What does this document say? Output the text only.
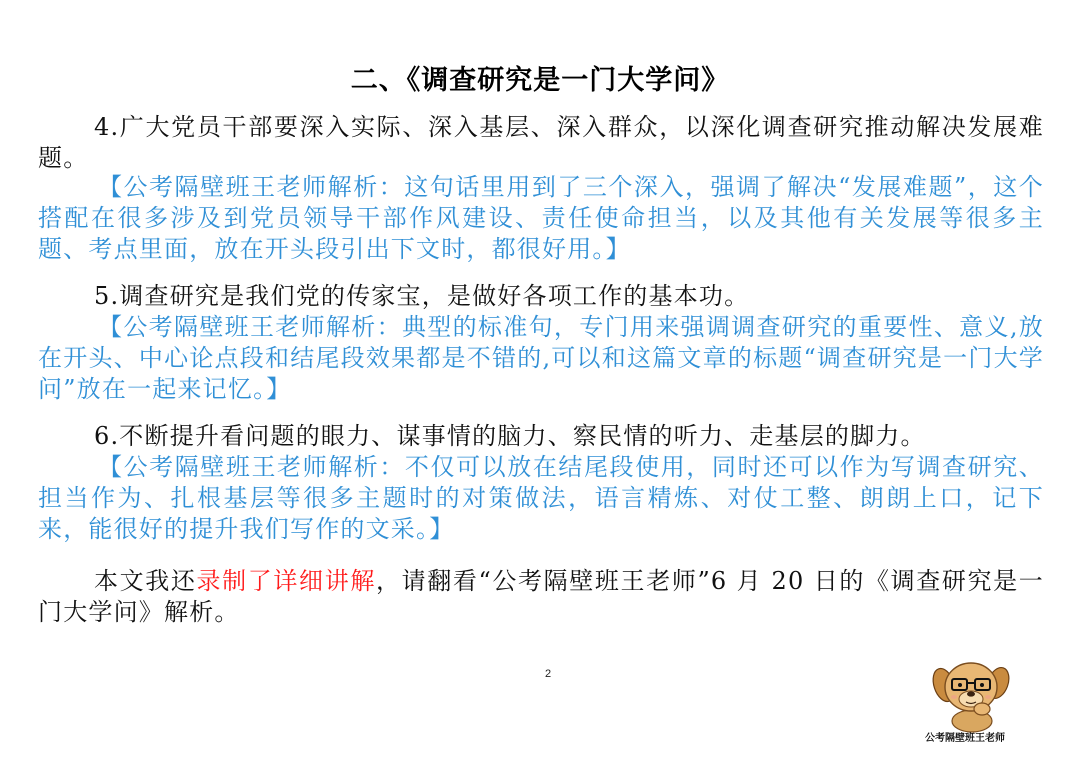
二、《调查研究是一门大学问》

4.广大党员干部要深入实际、深入基层、深入群众，以深化调查研究推动解决发展难题。

【公考隔壁班王老师解析：这句话里用到了三个深入，强调了解决“发展难题”，这个搭配在很多涉及到党员领导干部作风建设、责任使命担当，以及其他有关发展等很多主题、考点里面，放在开头段引出下文时，都很好用。】

5.调查研究是我们党的传家宝，是做好各项工作的基本功。

【公考隔壁班王老师解析：典型的标准句，专门用来强调调查研究的重要性、意义,放在开头、中心论点段和结尾段效果都是不错的,可以和这篇文章的标题“调查研究是一门大学问”放在一起来记忆。】

6.不断提升看问题的眼力、谋事情的脑力、察民情的听力、走基层的脚力。

【公考隔壁班王老师解析：不仅可以放在结尾段使用，同时还可以作为写调查研究、担当作为、扎根基层等很多主题时的对策做法，语言精炼、对仗工整、朗朗上口，记下来，能很好的提升我们写作的文采。】

本文我还录制了详细讲解，请翻看“公考隔壁班王老师”6 月 20 日的《调查研究是一门大学问》解析。

2
公考隔壁班王老师
